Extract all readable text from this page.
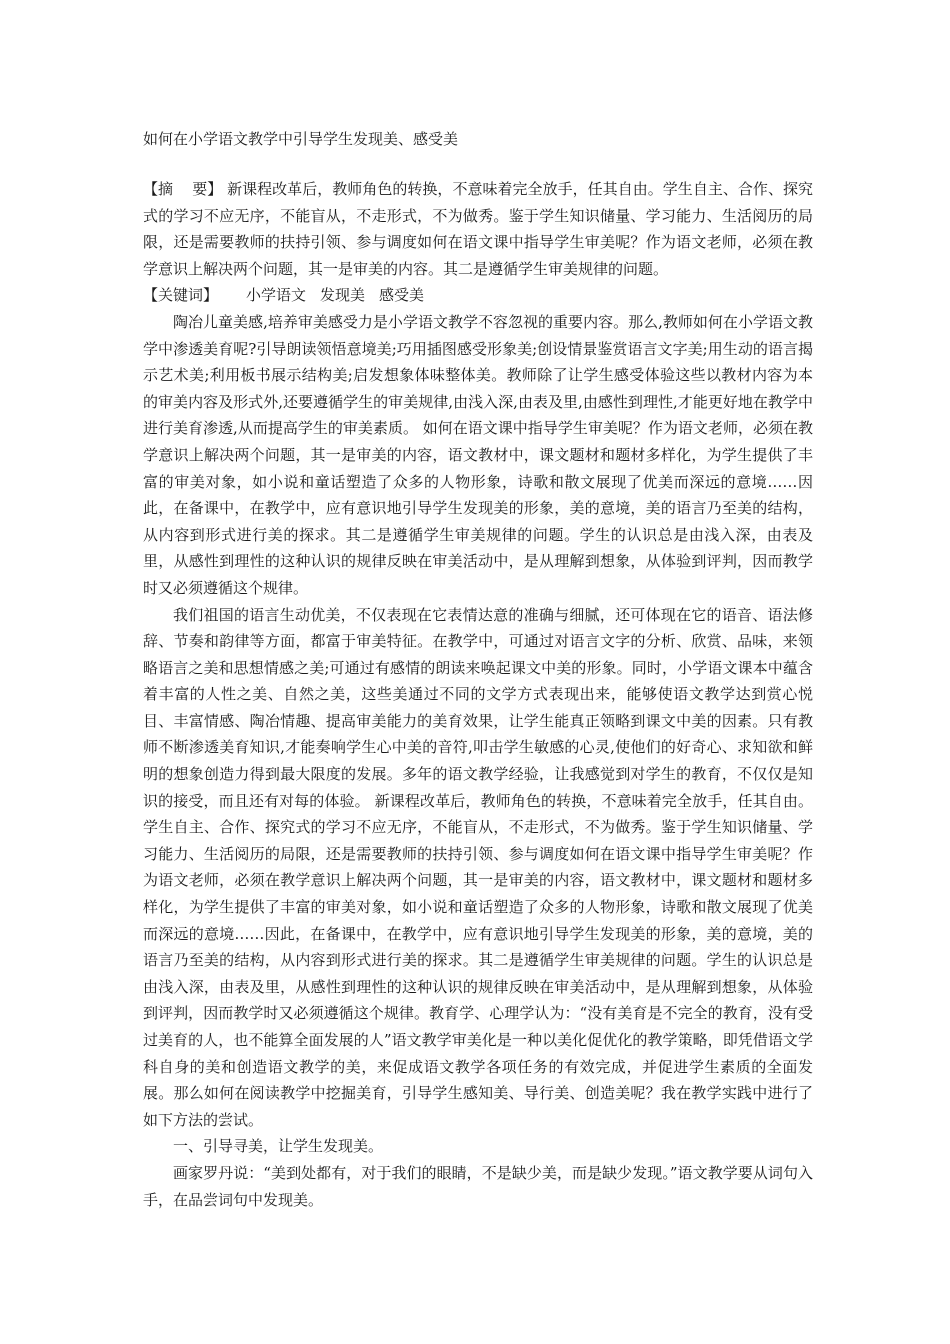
如何在小学语文教学中引导学生发现美、感受美

【摘    要】 新课程改革后，教师角色的转换，不意味着完全放手，任其自由。学生自主、合作、探究式的学习不应无序，不能盲从，不走形式，不为做秀。鉴于学生知识储量、学习能力、生活阅历的局限，还是需要教师的扶持引领、参与调度如何在语文课中指导学生审美呢？作为语文老师，必须在教学意识上解决两个问题，其一是审美的内容。其二是遵循学生审美规律的问题。

【关键词】 小学语文 发现美 感受美

陶冶儿童美感,培养审美感受力是小学语文教学不容忽视的重要内容。那么,教师如何在小学语文教学中渗透美育呢?引导朗读领悟意境美;巧用插图感受形象美;创设情景鉴赏语言文字美;用生动的语言揭示艺术美;利用板书展示结构美;启发想象体味整体美。教师除了让学生感受体验这些以教材内容为本的审美内容及形式外,还要遵循学生的审美规律,由浅入深,由表及里,由感性到理性,才能更好地在教学中进行美育渗透,从而提高学生的审美素质。 如何在语文课中指导学生审美呢？作为语文老师，必须在教学意识上解决两个问题，其一是审美的内容，语文教材中，课文题材和题材多样化，为学生提供了丰富的审美对象，如小说和童话塑造了众多的人物形象，诗歌和散文展现了优美而深远的意境……因此，在备课中，在教学中，应有意识地引导学生发现美的形象，美的意境，美的语言乃至美的结构，从内容到形式进行美的探求。其二是遵循学生审美规律的问题。学生的认识总是由浅入深，由表及里，从感性到理性的这种认识的规律反映在审美活动中，是从理解到想象，从体验到评判，因而教学时又必须遵循这个规律。

我们祖国的语言生动优美，不仅表现在它表情达意的准确与细腻，还可体现在它的语音、语法修辞、节奏和韵律等方面，都富于审美特征。在教学中，可通过对语言文字的分析、欣赏、品味，来领略语言之美和思想情感之美;可通过有感情的朗读来唤起课文中美的形象。同时，小学语文课本中蕴含着丰富的人性之美、自然之美，这些美通过不同的文学方式表现出来，能够使语文教学达到赏心悦目、丰富情感、陶冶情趣、提高审美能力的美育效果，让学生能真正领略到课文中美的因素。只有教师不断渗透美育知识,才能奏响学生心中美的音符,叩击学生敏感的心灵,使他们的好奇心、求知欲和鲜明的想象创造力得到最大限度的发展。多年的语文教学经验，让我感觉到对学生的教育，不仅仅是知识的接受，而且还有对每的体验。 新课程改革后，教师角色的转换，不意味着完全放手，任其自由。学生自主、合作、探究式的学习不应无序，不能盲从，不走形式，不为做秀。鉴于学生知识储量、学习能力、生活阅历的局限，还是需要教师的扶持引领、参与调度如何在语文课中指导学生审美呢？作为语文老师，必须在教学意识上解决两个问题，其一是审美的内容，语文教材中，课文题材和题材多样化，为学生提供了丰富的审美对象，如小说和童话塑造了众多的人物形象，诗歌和散文展现了优美而深远的意境……因此，在备课中，在教学中，应有意识地引导学生发现美的形象，美的意境，美的语言乃至美的结构，从内容到形式进行美的探求。其二是遵循学生审美规律的问题。学生的认识总是由浅入深，由表及里，从感性到理性的这种认识的规律反映在审美活动中，是从理解到想象，从体验到评判，因而教学时又必须遵循这个规律。教育学、心理学认为：“没有美育是不完全的教育，没有受过美育的人，也不能算全面发展的人”语文教学审美化是一种以美化促优化的教学策略，即凭借语文学科自身的美和创造语文教学的美，来促成语文教学各项任务的有效完成，并促进学生素质的全面发展。那么如何在阅读教学中挖掘美育，引导学生感知美、导行美、创造美呢？我在教学实践中进行了如下方法的尝试。

一、引导寻美，让学生发现美。

画家罗丹说：“美到处都有，对于我们的眼睛，不是缺少美，而是缺少发现。”语文教学要从词句入手，在品尝词句中发现美。
